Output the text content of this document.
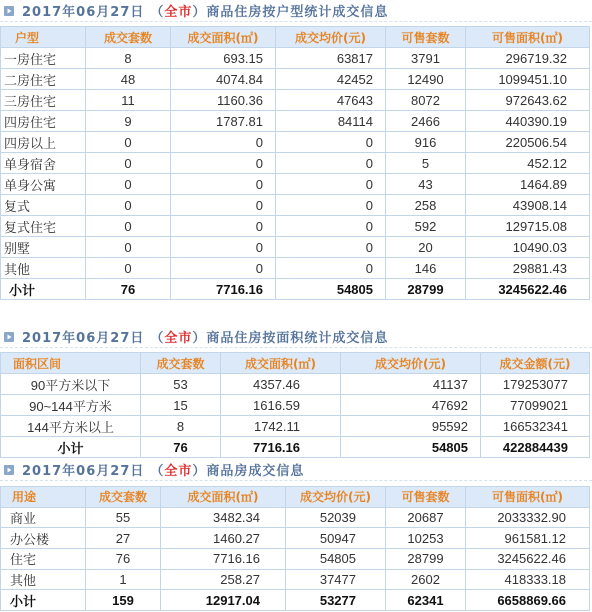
2017年06月27日 （ 全市 ） 商品住房按户型统计成交信息
户型	成交套数	成交面积(㎡)	成交均价(元)	可售套数	可售面积(㎡)
一房住宅	8	693.15	63817	3791	296719.32
二房住宅	48	4074.84	42452	12490	1099451.10
三房住宅	11	1160.36	47643	8072	972643.62
四房住宅	9	1787.81	84114	2466	440390.19
四房以上	0	0	0	916	220506.54
单身宿舍	0	0	0	5	452.12
单身公寓	0	0	0	43	1464.89
复式	0	0	0	258	43908.14
复式住宅	0	0	0	592	129715.08
别墅	0	0	0	20	10490.03
其他	0	0	0	146	29881.43
小计	76	7716.16	54805	28799	3245622.46
2017年06月27日 （ 全市 ） 商品住房按面积统计成交信息
面积区间	成交套数	成交面积(㎡)	成交均价(元)	成交金额(元)
90平方米以下	53	4357.46	41137	179253077
90~144平方米	15	1616.59	47692	77099021
144平方米以上	8	1742.11	95592	166532341
小计	76	7716.16	54805	422884439
2017年06月27日 （ 全市 ） 商品房成交信息
用途	成交套数	成交面积(㎡)	成交均价(元)	可售套数	可售面积(㎡)
商业	55	3482.34	52039	20687	2033332.90
办公楼	27	1460.27	50947	10253	961581.12
住宅	76	7716.16	54805	28799	3245622.46
其他	1	258.27	37477	2602	418333.18
小计	159	12917.04	53277	62341	6658869.66
